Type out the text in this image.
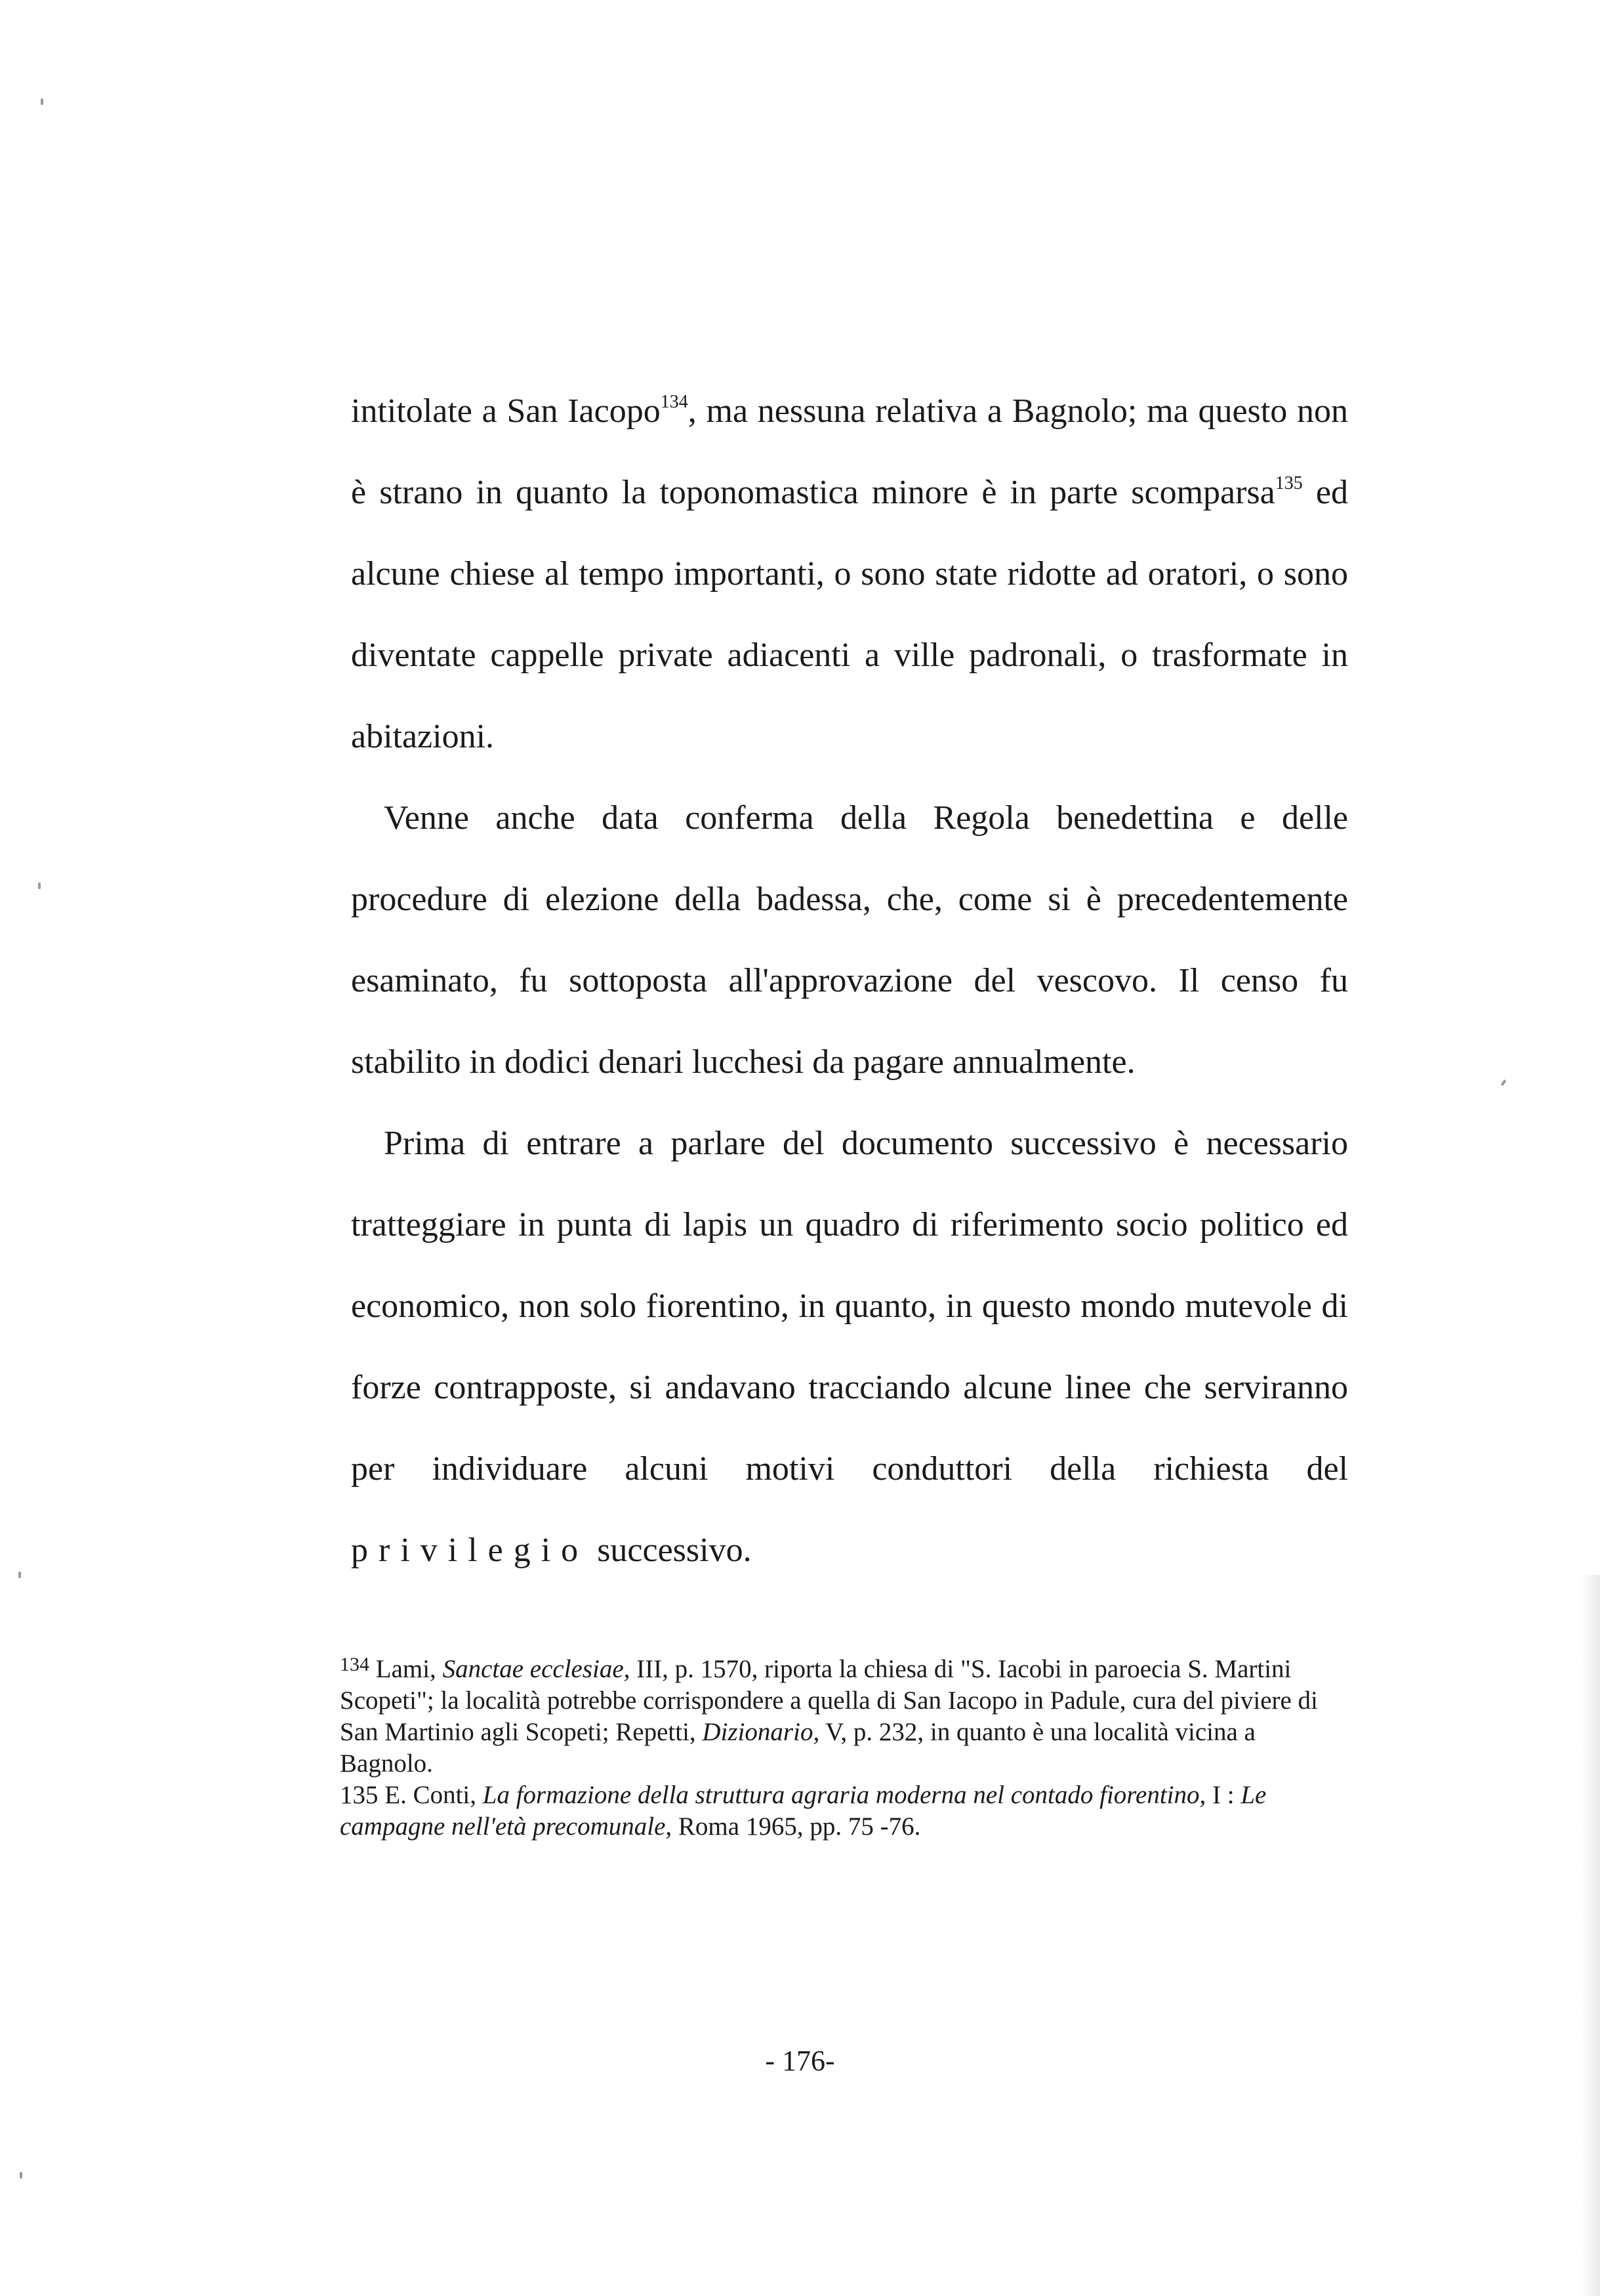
intitolate a San Iacopo$^{134}$, ma nessuna relativa a Bagnolo; ma questo non è strano in quanto la toponomastica minore è in parte scomparsa$^{135}$ ed alcune chiese al tempo importanti, o sono state ridotte ad oratori, o sono diventate cappelle private adiacenti a ville padronali, o trasformate in abitazioni.

Venne anche data conferma della Regola benedettina e delle procedure di elezione della badessa, che, come si è precedentemente esaminato, fu sottoposta all'approvazione del vescovo. Il censo fu stabilito in dodici denari lucchesi da pagare annualmente.

Prima di entrare a parlare del documento successivo è necessario tratteggiare in punta di lapis un quadro di riferimento socio politico ed economico, non solo fiorentino, in quanto, in questo mondo mutevole di forze contrapposte, si andavano tracciando alcune linee che serviranno per individuare alcuni motivi conduttori della richiesta del privilegio successivo.

$^{134}$ Lami, Sanctae ecclesiae, III, p. 1570, riporta la chiesa di "S. Iacobi in paroecia S. Martini Scopeti"; la località potrebbe corrispondere a quella di San Iacopo in Padule, cura del piviere di San Martinio agli Scopeti; Repetti, Dizionario, V, p. 232, in quanto è una località vicina a Bagnolo.

135 E. Conti, La formazione della struttura agraria moderna nel contado fiorentino, I : Le campagne nell'età precomunale, Roma 1965, pp. 75 -76.

- 176-
